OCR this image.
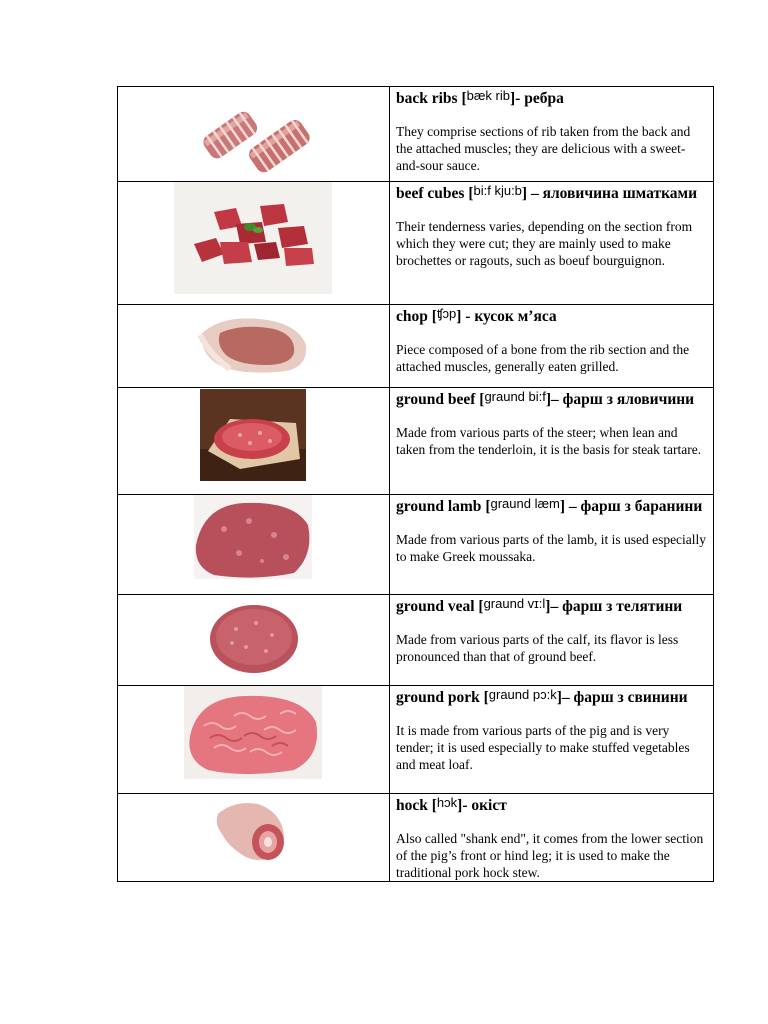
back ribs [bæk rib]- ребра
They comprise sections of rib taken from the back and the attached muscles; they are delicious with a sweet-and-sour sauce.

beef cubes [bi:f kju:b] – яловичина шматками
Their tenderness varies, depending on the section from which they were cut; they are mainly used to make brochettes or ragouts, such as boeuf bourguignon.

chop [ʧɔp] - кусок м’яса
Piece composed of a bone from the rib section and the attached muscles, generally eaten grilled.

ground beef [graund bi:f]– фарш з яловичини
Made from various parts of the steer; when lean and taken from the tenderloin, it is the basis for steak tartare.

ground lamb [graund læm] – фарш з баранини
Made from various parts of the lamb, it is used especially to make Greek moussaka.

ground veal [graund vɪ:l]– фарш з телятини
Made from various parts of the calf, its flavor is less pronounced than that of ground beef.

ground pork [graund pɔ:k]– фарш з свинини
It is made from various parts of the pig and is very tender; it is used especially to make stuffed vegetables and meat loaf.

hock [hɔk]- окіст
Also called "shank end", it comes from the lower section of the pig’s front or hind leg; it is used to make the traditional pork hock stew.
